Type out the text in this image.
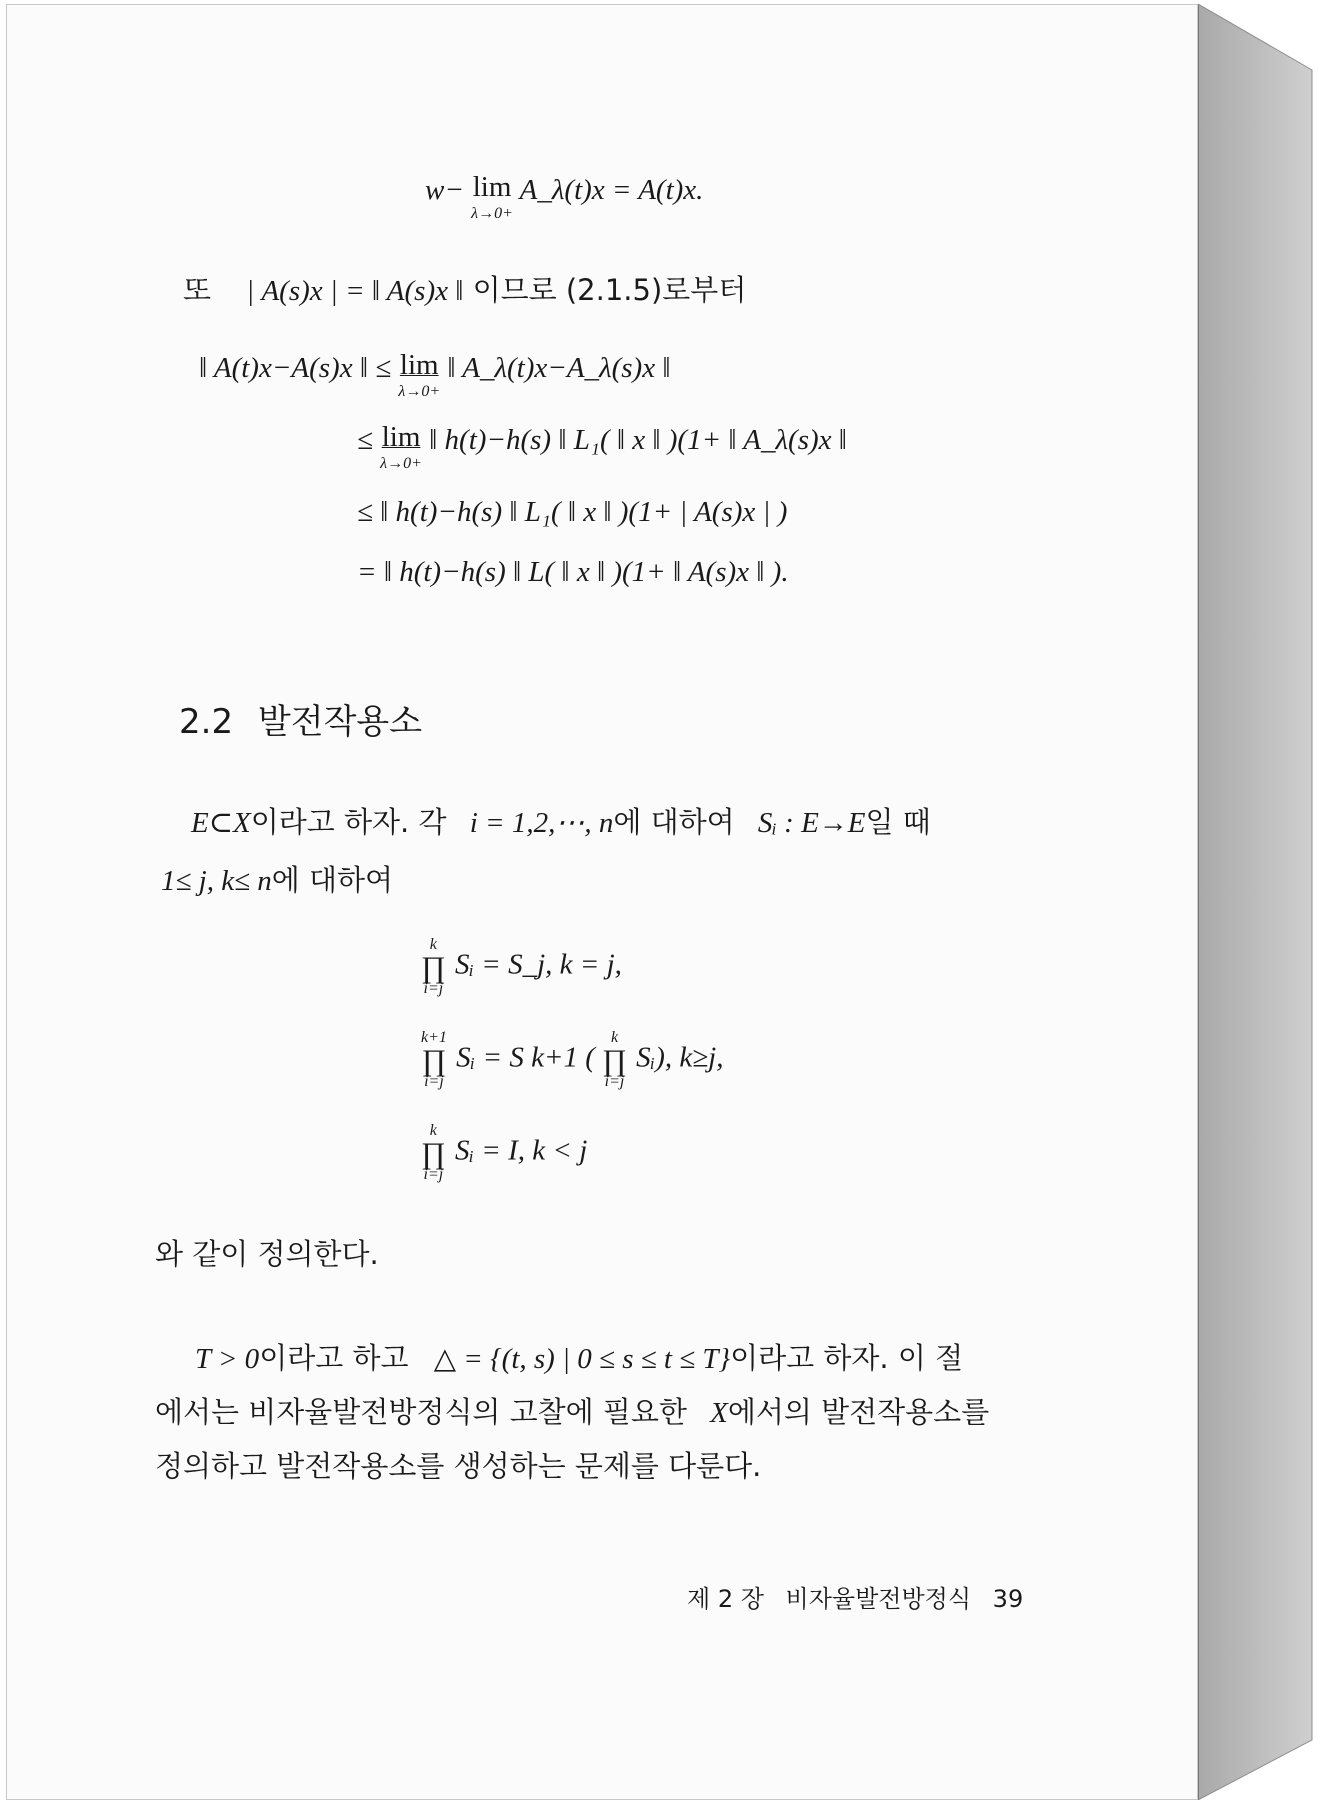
w− lim
λ→0+
A_λ(t)x = A(t)x.
또 | A(s)x | = ‖ A(s)x ‖ 이므로 (2.1.5)로부터
‖ A(t)x−A(s)x ‖ ≤ lim
λ→0+
‖ A_λ(t)x−A_λ(s)x ‖
≤ lim
λ→0+
‖ h(t)−h(s) ‖ L₁( ‖ x ‖ )(1+ ‖ A_λ(s)x ‖
≤ ‖ h(t)−h(s) ‖ L₁( ‖ x ‖ )(1+ | A(s)x | )
= ‖ h(t)−h(s) ‖ L( ‖ x ‖ )(1+ ‖ A(s)x ‖ ).
2.2 발전작용소
E⊂X이라고 하자. 각 i = 1,2,⋯, n에 대하여 Sᵢ : E→E일 때
1≤ j, k≤ n에 대하여
k
∏
i=j
Sᵢ = S_j, k = j,
k+1
∏
i=j
Sᵢ = S k+1 (
k
∏
i=j
Sᵢ), k≥j,
k
∏
i=j
Sᵢ = I, k < j
와 같이 정의한다.
T > 0이라고 하고 △ = {(t, s) | 0 ≤ s ≤ t ≤ T}이라고 하자. 이 절
에서는 비자율발전방정식의 고찰에 필요한 X에서의 발전작용소를
정의하고 발전작용소를 생성하는 문제를 다룬다.
제 2 장 비자율발전방정식 39
